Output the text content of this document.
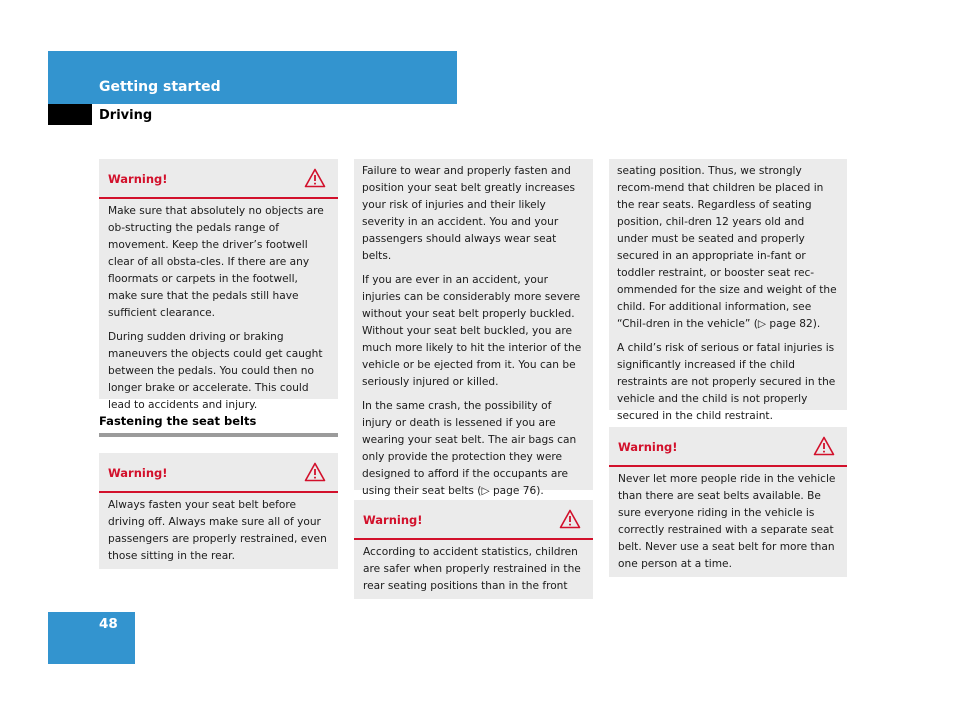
Getting started
Driving
Warning!

Make sure that absolutely no objects are ob-structing the pedals range of movement. Keep the driver’s footwell clear of all obsta-cles. If there are any floormats or carpets in the footwell, make sure that the pedals still have sufficient clearance.

During sudden driving or braking maneuvers the objects could get caught between the pedals. You could then no longer brake or accelerate. This could lead to accidents and injury.

Fastening the seat belts
Warning!

Always fasten your seat belt before driving off. Always make sure all of your passengers are properly restrained, even those sitting in the rear.

Failure to wear and properly fasten and position your seat belt greatly increases your risk of injuries and their likely severity in an accident. You and your passengers should always wear seat belts.

If you are ever in an accident, your injuries can be considerably more severe without your seat belt properly buckled. Without your seat belt buckled, you are much more likely to hit the interior of the vehicle or be ejected from it. You can be seriously injured or killed.

In the same crash, the possibility of injury or death is lessened if you are wearing your seat belt. The air bags can only provide the protection they were designed to afford if the occupants are using their seat belts (▷ page 76).

Warning!

According to accident statistics, children are safer when properly restrained in the rear seating positions than in the front

seating position. Thus, we strongly recom-mend that children be placed in the rear seats. Regardless of seating position, chil-dren 12 years old and under must be seated and properly secured in an appropriate in-fant or toddler restraint, or booster seat rec-ommended for the size and weight of the child. For additional information, see “Chil-dren in the vehicle” (▷ page 82).

A child’s risk of serious or fatal injuries is significantly increased if the child restraints are not properly secured in the vehicle and the child is not properly secured in the child restraint.

Warning!

Never let more people ride in the vehicle than there are seat belts available. Be sure everyone riding in the vehicle is correctly restrained with a separate seat belt. Never use a seat belt for more than one person at a time.

48
